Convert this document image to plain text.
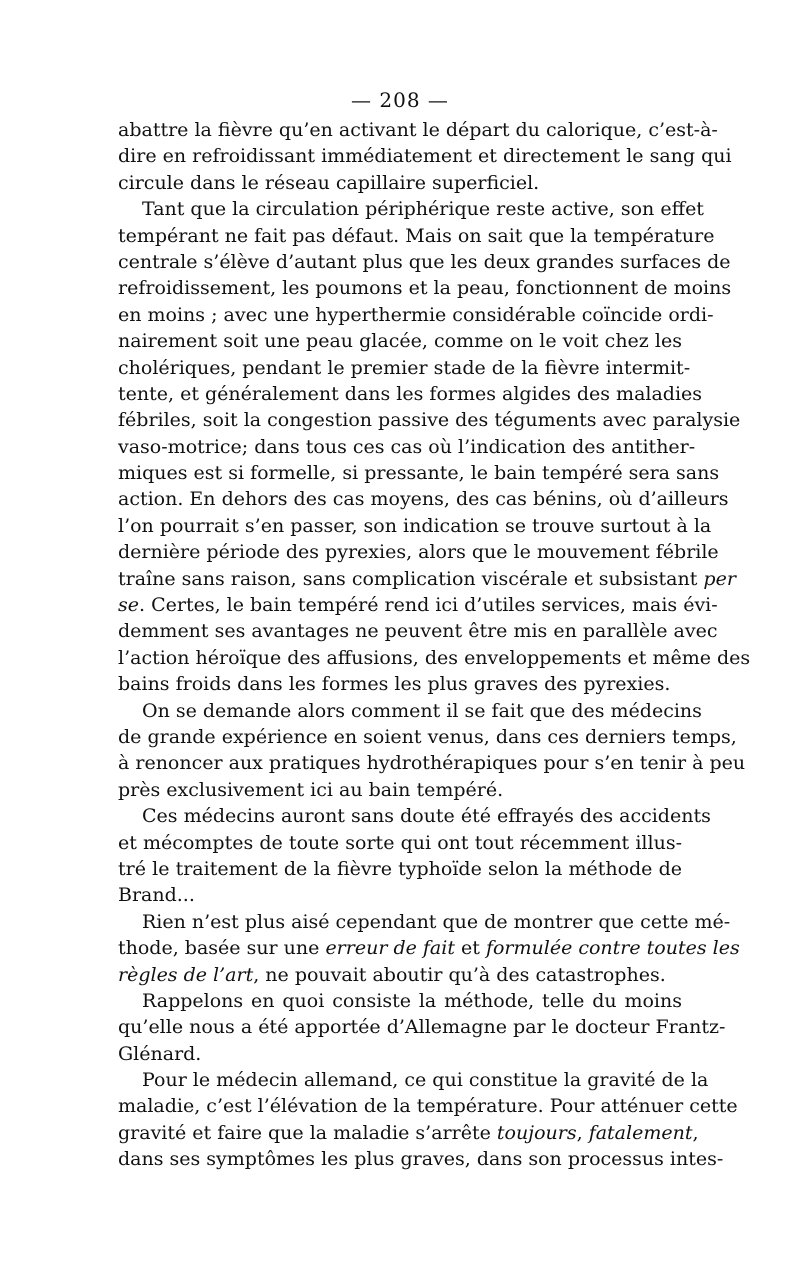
— 208 —
abattre la fièvre qu’en activant le départ du calorique, c’est-à-
dire en refroidissant immédiatement et directement le sang qui
circule dans le réseau capillaire superficiel.
Tant que la circulation périphérique reste active, son effet
tempérant ne fait pas défaut. Mais on sait que la température
centrale s’élève d’autant plus que les deux grandes surfaces de
refroidissement, les poumons et la peau, fonctionnent de moins
en moins ; avec une hyperthermie considérable coïncide ordi-
nairement soit une peau glacée, comme on le voit chez les
cholériques, pendant le premier stade de la fièvre intermit-
tente, et généralement dans les formes algides des maladies
fébriles, soit la congestion passive des téguments avec paralysie
vaso-motrice; dans tous ces cas où l’indication des antither-
miques est si formelle, si pressante, le bain tempéré sera sans
action. En dehors des cas moyens, des cas bénins, où d’ailleurs
l’on pourrait s’en passer, son indication se trouve surtout à la
dernière période des pyrexies, alors que le mouvement fébrile
traîne sans raison, sans complication viscérale et subsistant per
se. Certes, le bain tempéré rend ici d’utiles services, mais évi-
demment ses avantages ne peuvent être mis en parallèle avec
l’action héroïque des affusions, des enveloppements et même des
bains froids dans les formes les plus graves des pyrexies.
On se demande alors comment il se fait que des médecins
de grande expérience en soient venus, dans ces derniers temps,
à renoncer aux pratiques hydrothérapiques pour s’en tenir à peu
près exclusivement ici au bain tempéré.
Ces médecins auront sans doute été effrayés des accidents
et mécomptes de toute sorte qui ont tout récemment illus-
tré le traitement de la fièvre typhoïde selon la méthode de
Brand...
Rien n’est plus aisé cependant que de montrer que cette mé-
thode, basée sur une erreur de fait et formulée contre toutes les
règles de l’art, ne pouvait aboutir qu’à des catastrophes.
Rappelons en quoi consiste la méthode, telle du moins
qu’elle nous a été apportée d’Allemagne par le docteur Frantz-
Glénard.
Pour le médecin allemand, ce qui constitue la gravité de la
maladie, c’est l’élévation de la température. Pour atténuer cette
gravité et faire que la maladie s’arrête toujours, fatalement,
dans ses symptômes les plus graves, dans son processus intes-
